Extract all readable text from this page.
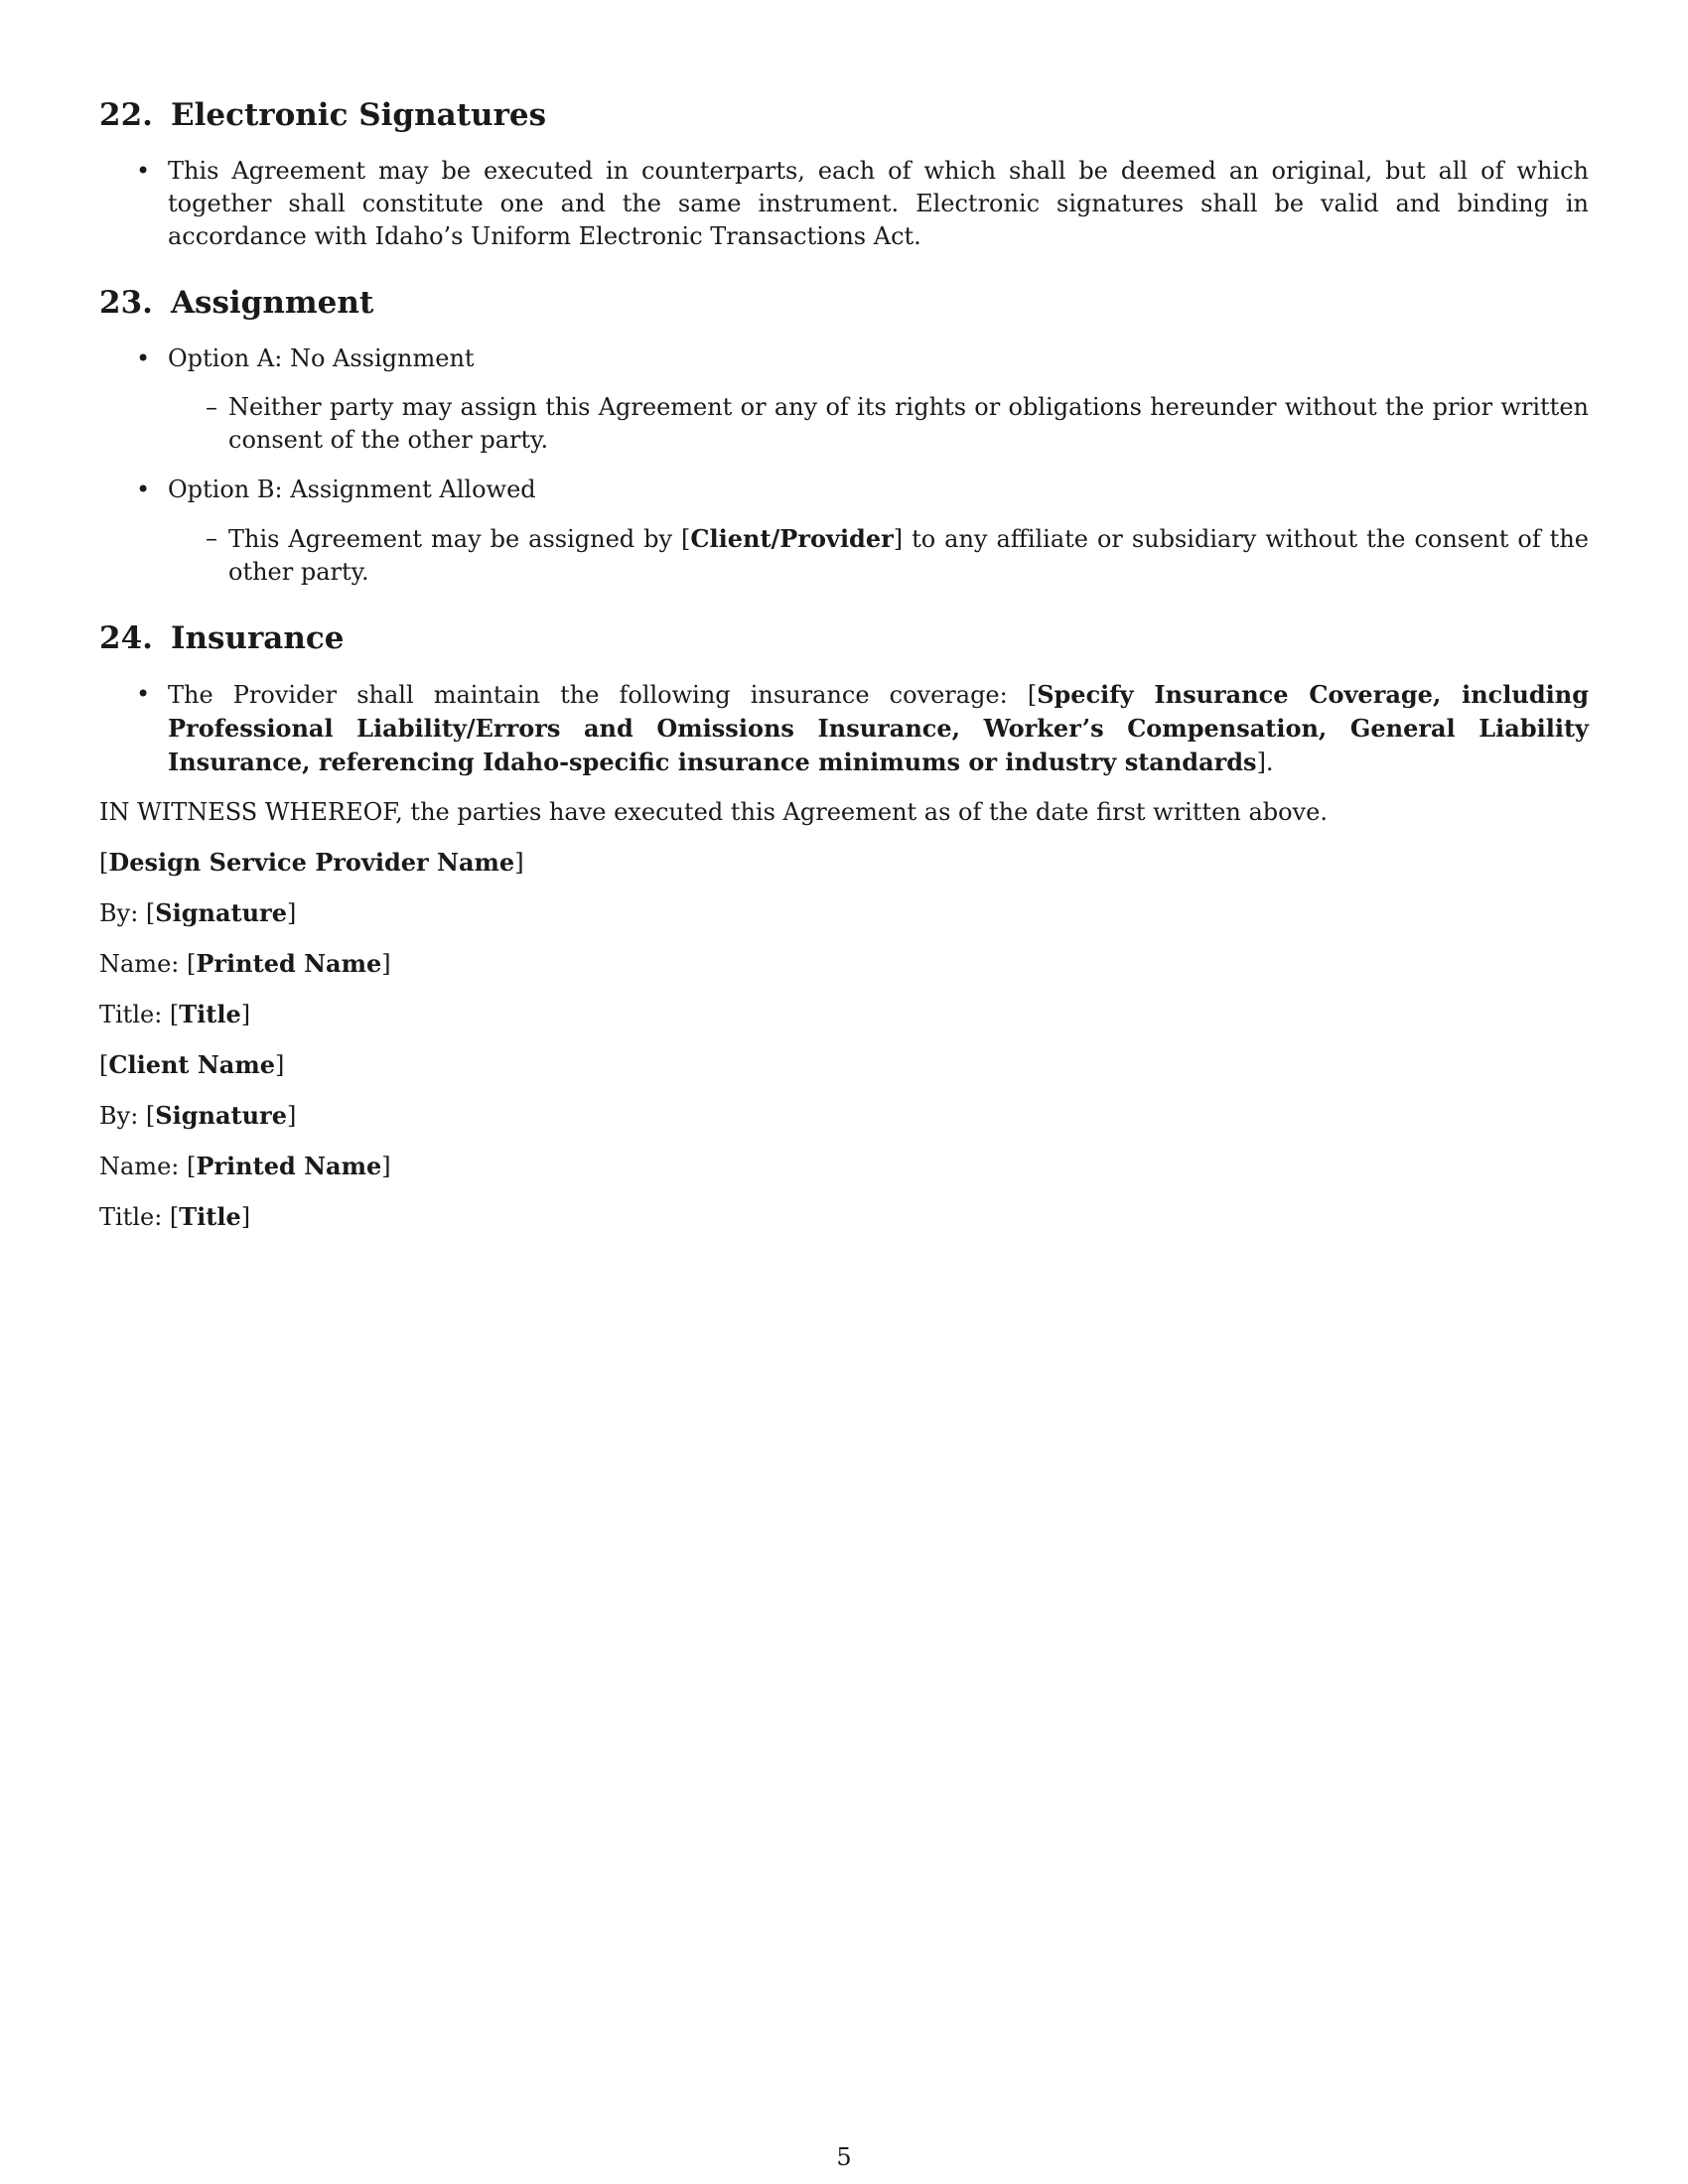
22. Electronic Signatures
• This Agreement may be executed in counterparts, each of which shall be deemed an original, but all of which together shall constitute one and the same instrument. Electronic signatures shall be valid and binding in accordance with Idaho’s Uniform Electronic Transactions Act.
23. Assignment
• Option A: No Assignment
– Neither party may assign this Agreement or any of its rights or obligations hereunder without the prior written consent of the other party.
• Option B: Assignment Allowed
– This Agreement may be assigned by [Client/Provider] to any affiliate or subsidiary without the consent of the other party.
24. Insurance
• The Provider shall maintain the following insurance coverage: [Specify Insurance Coverage, including Professional Liability/Errors and Omissions Insurance, Worker’s Compensation, General Liability Insurance, referencing Idaho-specific insurance minimums or industry standards].

IN WITNESS WHEREOF, the parties have executed this Agreement as of the date first written above.

[Design Service Provider Name]

By: [Signature]

Name: [Printed Name]

Title: [Title]

[Client Name]

By: [Signature]

Name: [Printed Name]

Title: [Title]

5
